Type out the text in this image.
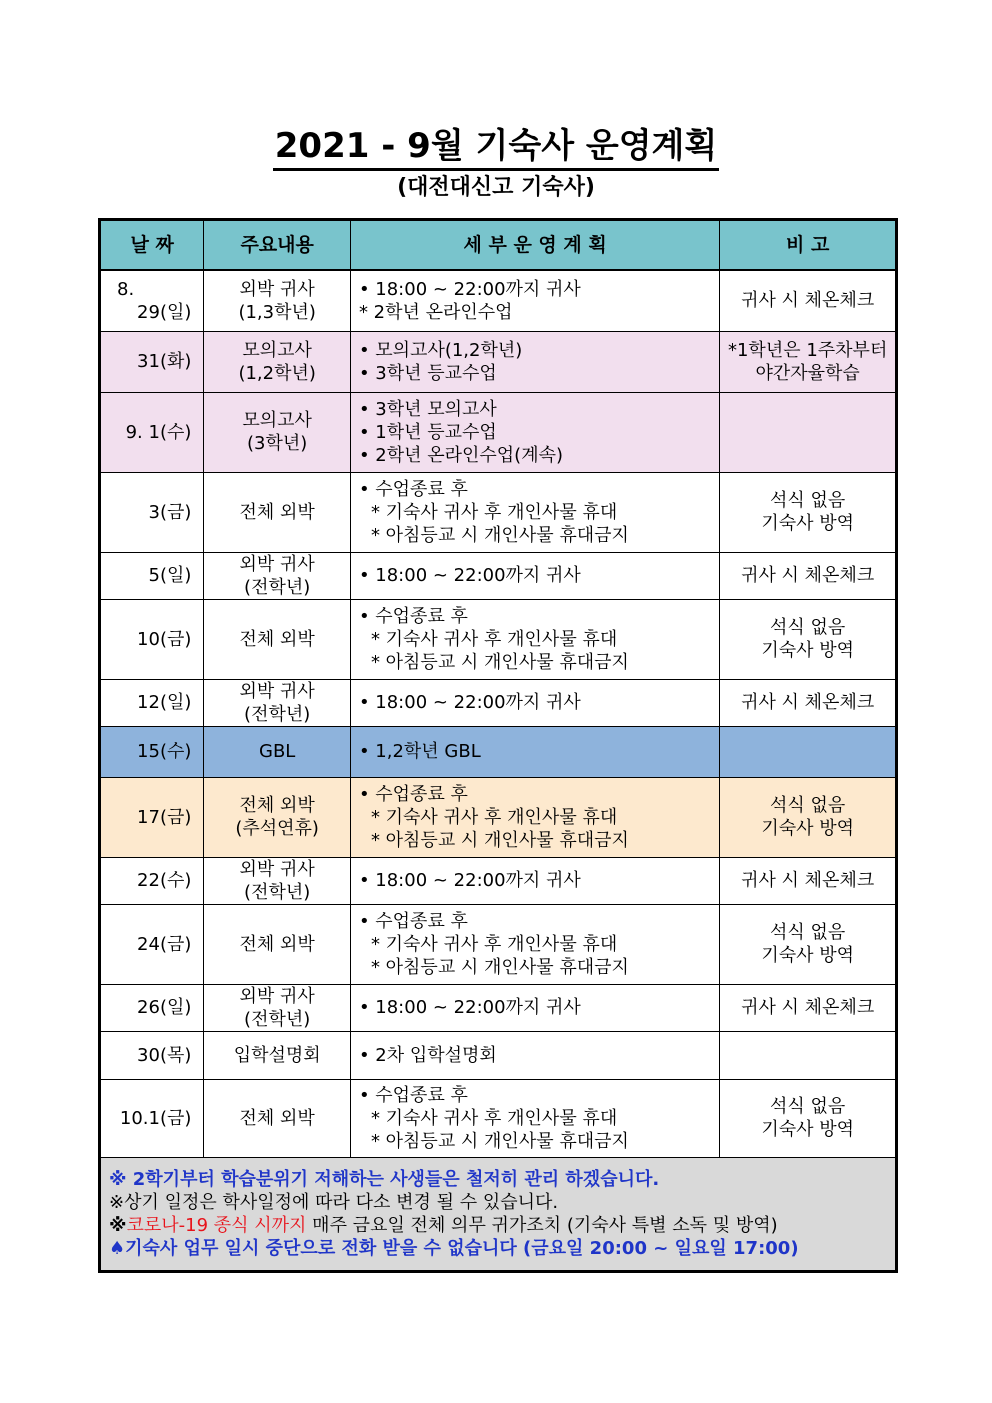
2021 - 9월 기숙사 운영계획
(대전대신고 기숙사)
날 짜	주요내용	세 부 운 영 계 획	비 고

8.
29(일)	외박 귀사
(1,3학년)	• 18:00 ~ 22:00까지 귀사
* 2학년 온라인수업	귀사 시 체온체크

31(화)	모의고사
(1,2학년)	• 모의고사(1,2학년)
• 3학년 등교수업	*1학년은 1주차부터
야간자율학습

9. 1(수)	모의고사
(3학년)	• 3학년 모의고사
• 1학년 등교수업
• 2학년 온라인수업(계속)	

3(금)	전체 외박	• 수업종료 후
* 기숙사 귀사 후 개인사물 휴대
* 아침등교 시 개인사물 휴대금지	석식 없음
기숙사 방역

5(일)	외박 귀사
(전학년)	• 18:00 ~ 22:00까지 귀사	귀사 시 체온체크

10(금)	전체 외박	• 수업종료 후
* 기숙사 귀사 후 개인사물 휴대
* 아침등교 시 개인사물 휴대금지	석식 없음
기숙사 방역

12(일)	외박 귀사
(전학년)	• 18:00 ~ 22:00까지 귀사	귀사 시 체온체크

15(수)	GBL	• 1,2학년 GBL	

17(금)	전체 외박
(추석연휴)	• 수업종료 후
* 기숙사 귀사 후 개인사물 휴대
* 아침등교 시 개인사물 휴대금지	석식 없음
기숙사 방역

22(수)	외박 귀사
(전학년)	• 18:00 ~ 22:00까지 귀사	귀사 시 체온체크

24(금)	전체 외박	• 수업종료 후
* 기숙사 귀사 후 개인사물 휴대
* 아침등교 시 개인사물 휴대금지	석식 없음
기숙사 방역

26(일)	외박 귀사
(전학년)	• 18:00 ~ 22:00까지 귀사	귀사 시 체온체크

30(목)	입학설명회	• 2차 입학설명회	

10.1(금)	전체 외박	• 수업종료 후
* 기숙사 귀사 후 개인사물 휴대
* 아침등교 시 개인사물 휴대금지	석식 없음
기숙사 방역

※ 2학기부터 학습분위기 저해하는 사생들은 철저히 관리 하겠습니다.
※상기 일정은 학사일정에 따라 다소 변경 될 수 있습니다.
※코로나-19 종식 시까지 매주 금요일 전체 의무 귀가조치 (기숙사 특별 소독 및 방역)
♠기숙사 업무 일시 중단으로 전화 받을 수 없습니다 (금요일 20:00 ~ 일요일 17:00)			
